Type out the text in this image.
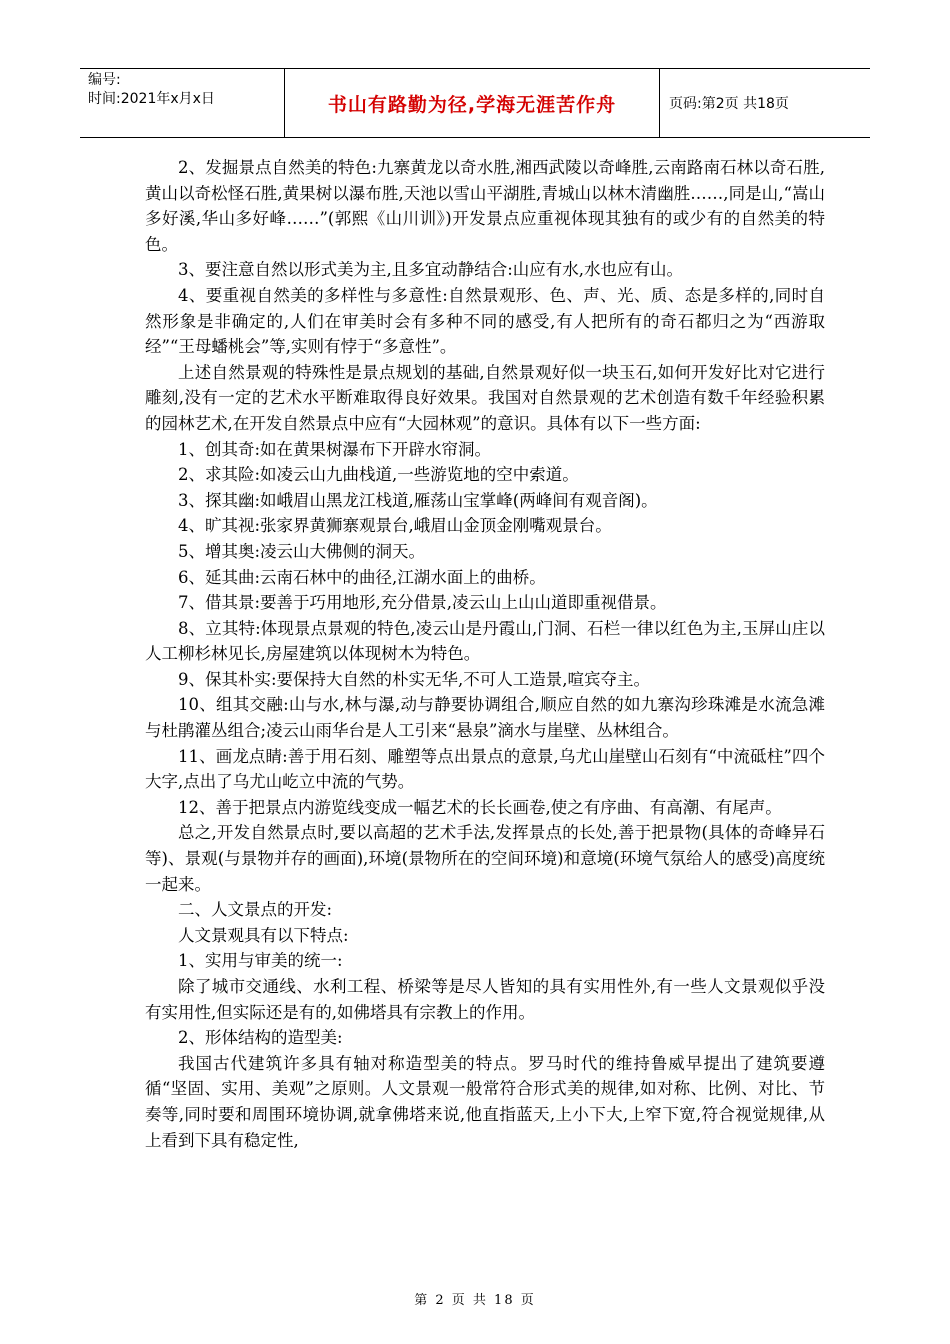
编号:
时间:2021年x月x日	书山有路勤为径,学海无涯苦作舟	页码:第2页 共18页

2、发掘景点自然美的特色:九寨黄龙以奇水胜,湘西武陵以奇峰胜,云南路南石林以奇石胜,黄山以奇松怪石胜,黄果树以瀑布胜,天池以雪山平湖胜,青城山以林木清幽胜……,同是山,“嵩山多好溪,华山多好峰……”(郭熙《山川训》)开发景点应重视体现其独有的或少有的自然美的特色。

3、要注意自然以形式美为主,且多宜动静结合:山应有水,水也应有山。

4、要重视自然美的多样性与多意性:自然景观形、色、声、光、质、态是多样的,同时自然形象是非确定的,人们在审美时会有多种不同的感受,有人把所有的奇石都归之为“西游取经”“王母蟠桃会”等,实则有悖于“多意性”。

上述自然景观的特殊性是景点规划的基础,自然景观好似一块玉石,如何开发好比对它进行雕刻,没有一定的艺术水平断难取得良好效果。我国对自然景观的艺术创造有数千年经验积累的园林艺术,在开发自然景点中应有“大园林观”的意识。具体有以下一些方面:

1、创其奇:如在黄果树瀑布下开辟水帘洞。

2、求其险:如凌云山九曲栈道,一些游览地的空中索道。

3、探其幽:如峨眉山黑龙江栈道,雁荡山宝掌峰(两峰间有观音阁)。

4、旷其视:张家界黄狮寨观景台,峨眉山金顶金刚嘴观景台。

5、增其奥:凌云山大佛侧的洞天。

6、延其曲:云南石林中的曲径,江湖水面上的曲桥。

7、借其景:要善于巧用地形,充分借景,凌云山上山山道即重视借景。

8、立其特:体现景点景观的特色,凌云山是丹霞山,门洞、石栏一律以红色为主,玉屏山庄以人工柳杉林见长,房屋建筑以体现树木为特色。

9、保其朴实:要保持大自然的朴实无华,不可人工造景,喧宾夺主。

10、组其交融:山与水,林与瀑,动与静要协调组合,顺应自然的如九寨沟珍珠滩是水流急滩与杜鹃灌丛组合;凌云山雨华台是人工引来“悬泉”滴水与崖壁、丛林组合。

11、画龙点睛:善于用石刻、雕塑等点出景点的意景,乌尤山崖壁山石刻有“中流砥柱”四个大字,点出了乌尤山屹立中流的气势。

12、善于把景点内游览线变成一幅艺术的长长画卷,使之有序曲、有高潮、有尾声。

总之,开发自然景点时,要以高超的艺术手法,发挥景点的长处,善于把景物(具体的奇峰异石等)、景观(与景物并存的画面),环境(景物所在的空间环境)和意境(环境气氛给人的感受)高度统一起来。

二、人文景点的开发:

人文景观具有以下特点:

1、实用与审美的统一:

除了城市交通线、水利工程、桥梁等是尽人皆知的具有实用性外,有一些人文景观似乎没有实用性,但实际还是有的,如佛塔具有宗教上的作用。

2、形体结构的造型美:

我国古代建筑许多具有轴对称造型美的特点。罗马时代的维持鲁威早提出了建筑要遵循“坚固、实用、美观”之原则。人文景观一般常符合形式美的规律,如对称、比例、对比、节奏等,同时要和周围环境协调,就拿佛塔来说,他直指蓝天,上小下大,上窄下宽,符合视觉规律,从上看到下具有稳定性,

第 2 页 共 18 页
